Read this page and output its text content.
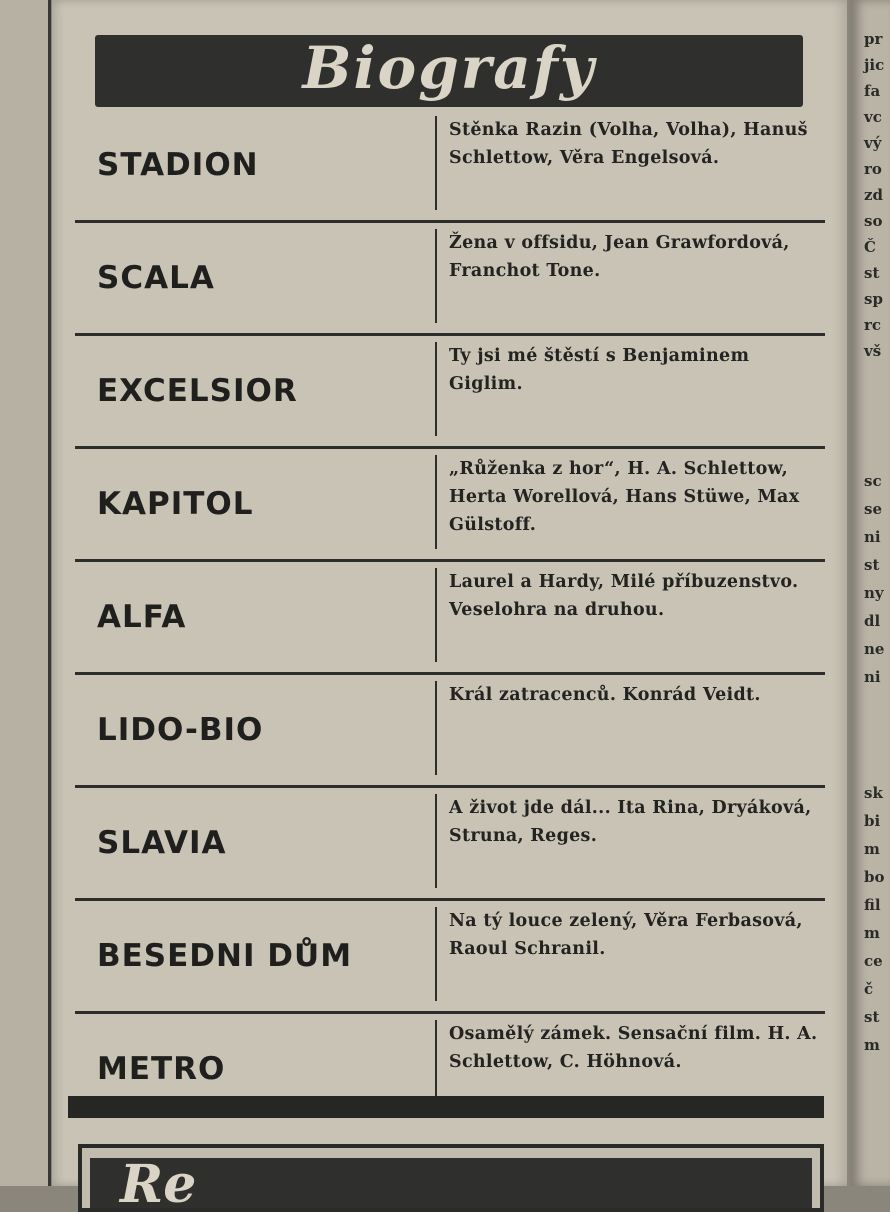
pr
jic
fa
vc
vý
ro
zd
so
Č
st
sp
rc
vš
sc
se
ni
st
ny
dl
ne
ni
sk
bi
m
bo
fil
m
ce
č
st
m
Biografy
STADION
Stěnka Razin (Volha, Volha), Hanuš Schlettow, Věra Engelsová.
SCALA
Žena v offsidu, Jean Grawfordová, Franchot Tone.
EXCELSIOR
Ty jsi mé štěstí s Benjaminem Giglim.
KAPITOL
„Růženka z hor“, H. A. Schlettow, Herta Worellová, Hans Stüwe, Max Gülstoff.
ALFA
Laurel a Hardy, Milé příbuzenstvo. Veselohra na druhou.
LIDO-BIO
Král zatracenců. Konrád Veidt.
SLAVIA
A život jde dál... Ita Rina, Dryáková, Struna, Reges.
BESEDNI DŮM
Na tý louce zelený, Věra Ferbasová, Raoul Schranil.
METRO
Osamělý zámek. Sensační film. H. A. Schlettow, C. Höhnová.
Re
